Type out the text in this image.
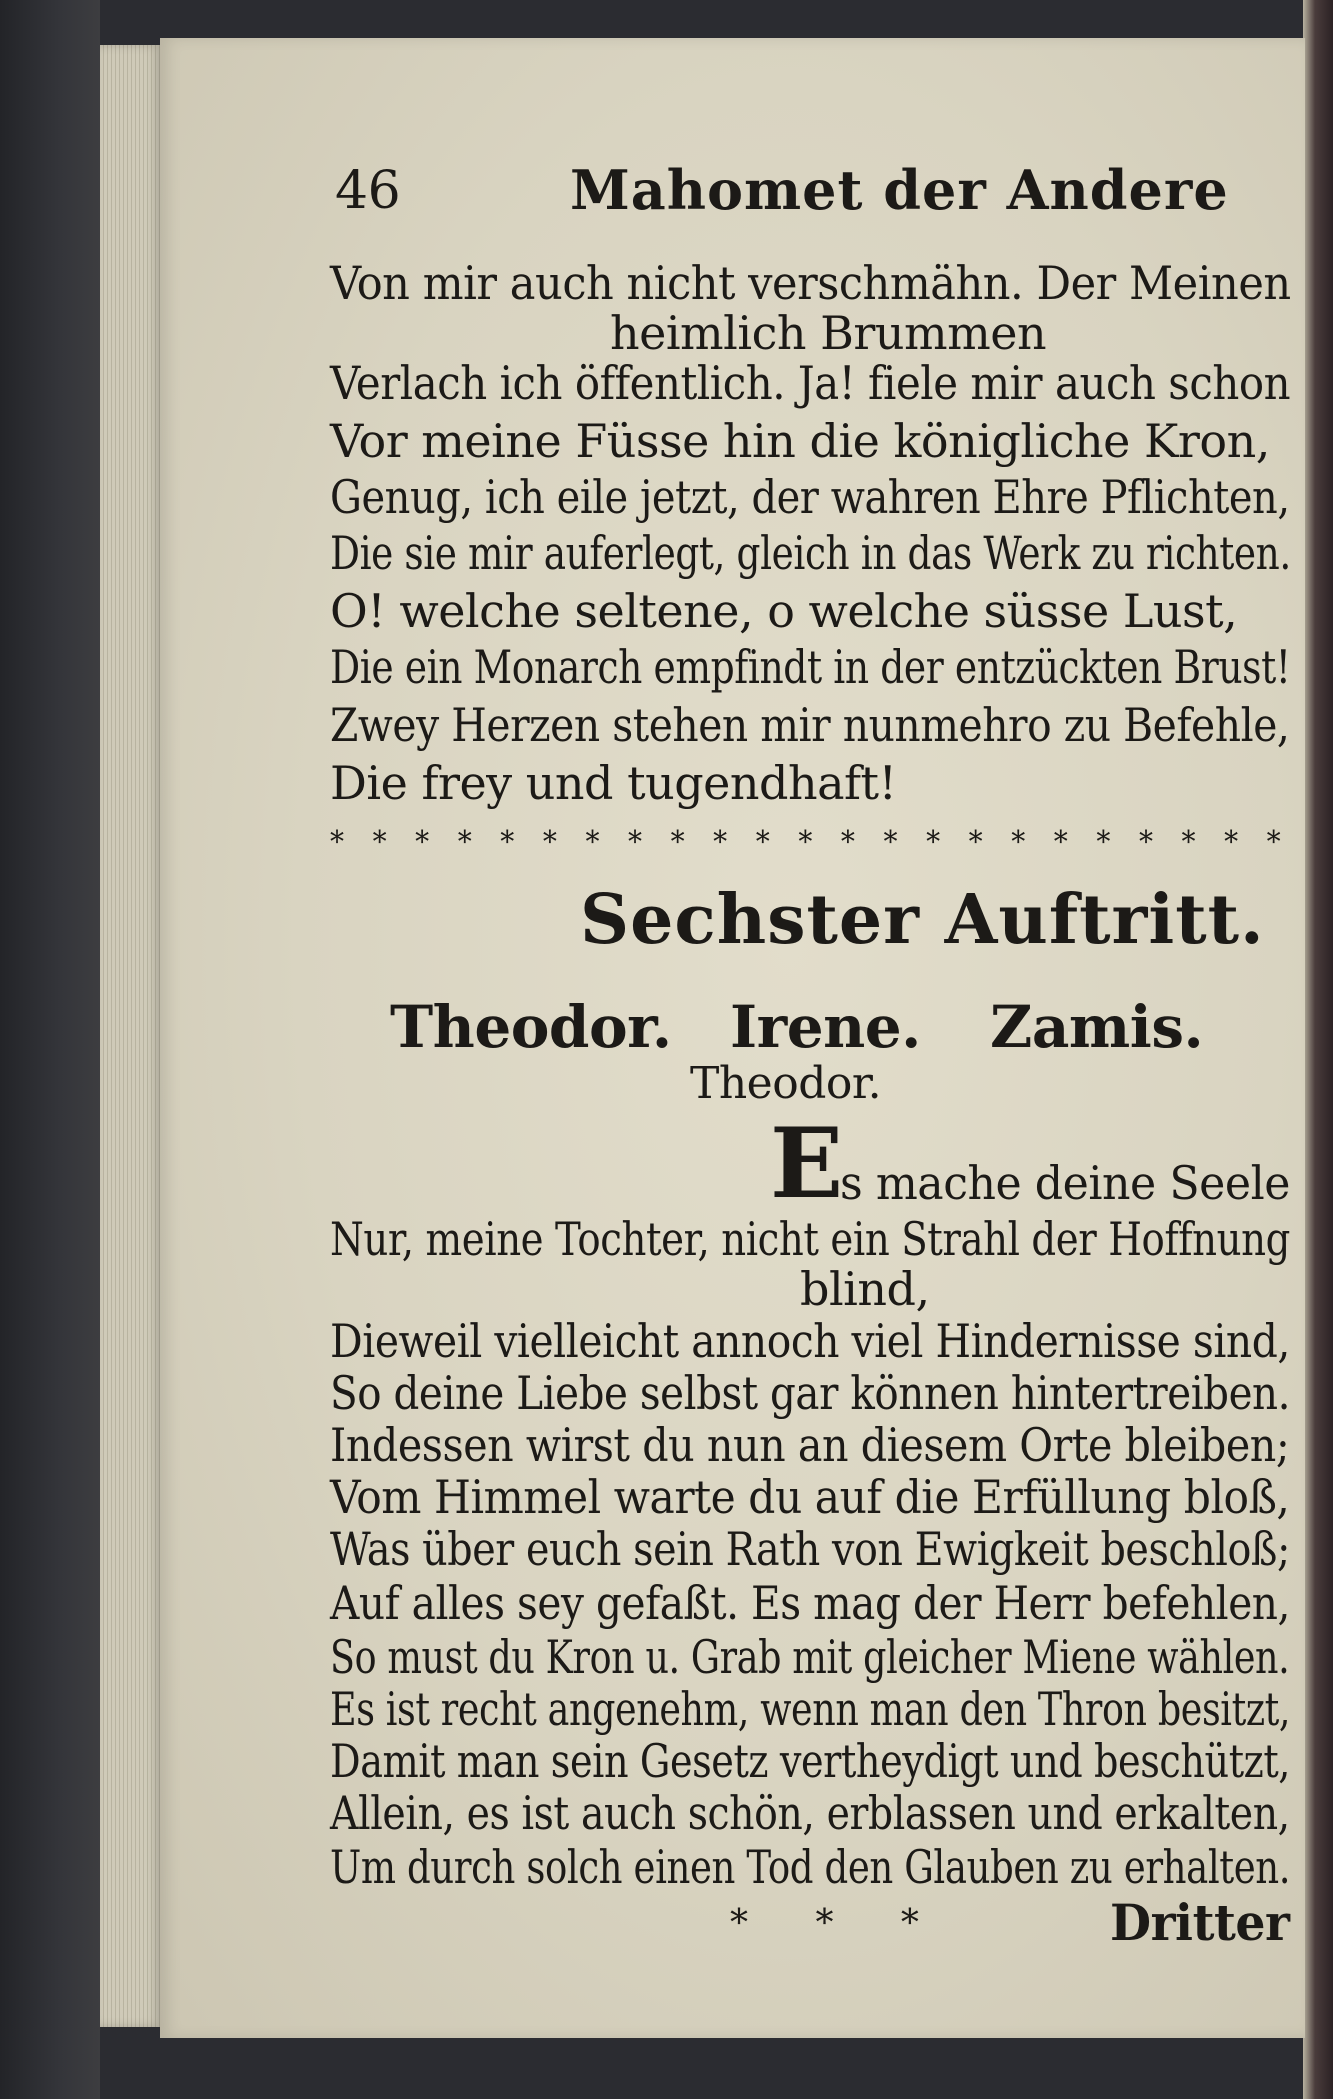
46	Mahomet der Andere
Von mir auch nicht verschmähn. Der Meinen
heimlich Brummen
Verlach ich öffentlich. Ja! fiele mir auch schon
Vor meine Füsse hin die königliche Kron,
Genug, ich eile jetzt, der wahren Ehre Pflichten,
Die sie mir auferlegt, gleich in das Werk zu richten.
O! welche seltene, o welche süsse Lust,
Die ein Monarch empfindt in der entzückten Brust!
Zwey Herzen stehen mir nunmehro zu Befehle,
Die frey und tugendhaft!
* * * * * * * * * * * * * * * * * * * * * * *
Sechster Auftritt.
Theodor. Irene. Zamis.
Theodor.
E
s mache deine Seele
Nur, meine Tochter, nicht ein Strahl der Hoffnung
blind,
Dieweil vielleicht annoch viel Hindernisse sind,
So deine Liebe selbst gar können hintertreiben.
Indessen wirst du nun an diesem Orte bleiben;
Vom Himmel warte du auf die Erfüllung bloß,
Was über euch sein Rath von Ewigkeit beschloß;
Auf alles sey gefaßt. Es mag der Herr befehlen,
So must du Kron u. Grab mit gleicher Miene wählen.
Es ist recht angenehm, wenn man den Thron besitzt,
Damit man sein Gesetz vertheydigt und beschützt,
Allein, es ist auch schön, erblassen und erkalten,
Um durch solch einen Tod den Glauben zu erhalten.
* * *	Dritter
